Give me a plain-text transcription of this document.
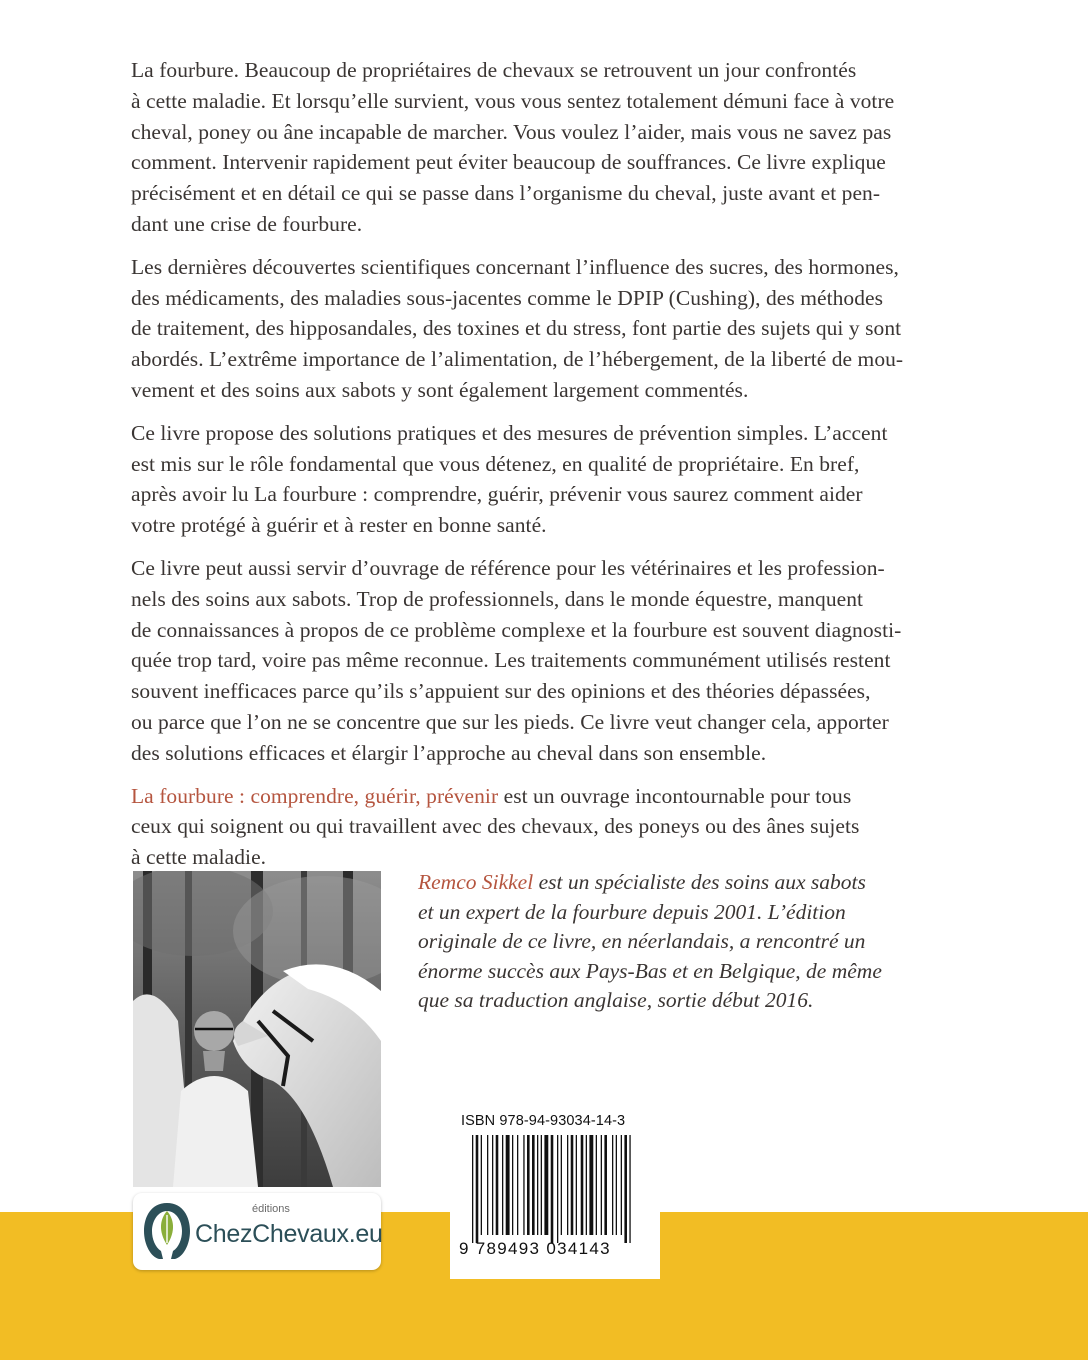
La fourbure. Beaucoup de propriétaires de chevaux se retrouvent un jour confrontés
à cette maladie. Et lorsqu’elle survient, vous vous sentez totalement démuni face à votre
cheval, poney ou âne incapable de marcher. Vous voulez l’aider, mais vous ne savez pas
comment. Intervenir rapidement peut éviter beaucoup de souffrances. Ce livre explique
précisément et en détail ce qui se passe dans l’organisme du cheval, juste avant et pen-
dant une crise de fourbure.

Les dernières découvertes scientifiques concernant l’influence des sucres, des hormones,
des médicaments, des maladies sous-jacentes comme le DPIP (Cushing), des méthodes
de traitement, des hipposandales, des toxines et du stress, font partie des sujets qui y sont
abordés. L’extrême importance de l’alimentation, de l’hébergement, de la liberté de mou-
vement et des soins aux sabots y sont également largement commentés.

Ce livre propose des solutions pratiques et des mesures de prévention simples. L’accent
est mis sur le rôle fondamental que vous détenez, en qualité de propriétaire. En bref,
après avoir lu La fourbure : comprendre, guérir, prévenir vous saurez comment aider
votre protégé à guérir et à rester en bonne santé.

Ce livre peut aussi servir d’ouvrage de référence pour les vétérinaires et les profession-
nels des soins aux sabots. Trop de professionnels, dans le monde équestre, manquent
de connaissances à propos de ce problème complexe et la fourbure est souvent diagnosti-
quée trop tard, voire pas même reconnue. Les traitements communément utilisés restent
souvent inefficaces parce qu’ils s’appuient sur des opinions et des théories dépassées,
ou parce que l’on ne se concentre que sur les pieds. Ce livre veut changer cela, apporter
des solutions efficaces et élargir l’approche au cheval dans son ensemble.

La fourbure : comprendre, guérir, prévenir est un ouvrage incontournable pour tous
ceux qui soignent ou qui travaillent avec des chevaux, des poneys ou des ânes sujets
à cette maladie.

Remco Sikkel est un spécialiste des soins aux sabots
et un expert de la fourbure depuis 2001. L’édition
originale de ce livre, en néerlandais, a rencontré un
énorme succès aux Pays-Bas et en Belgique, de même
que sa traduction anglaise, sortie début 2016.
éditions
ChezChevaux.eu
ISBN 978-94-93034-14-3
9 789493 034143
